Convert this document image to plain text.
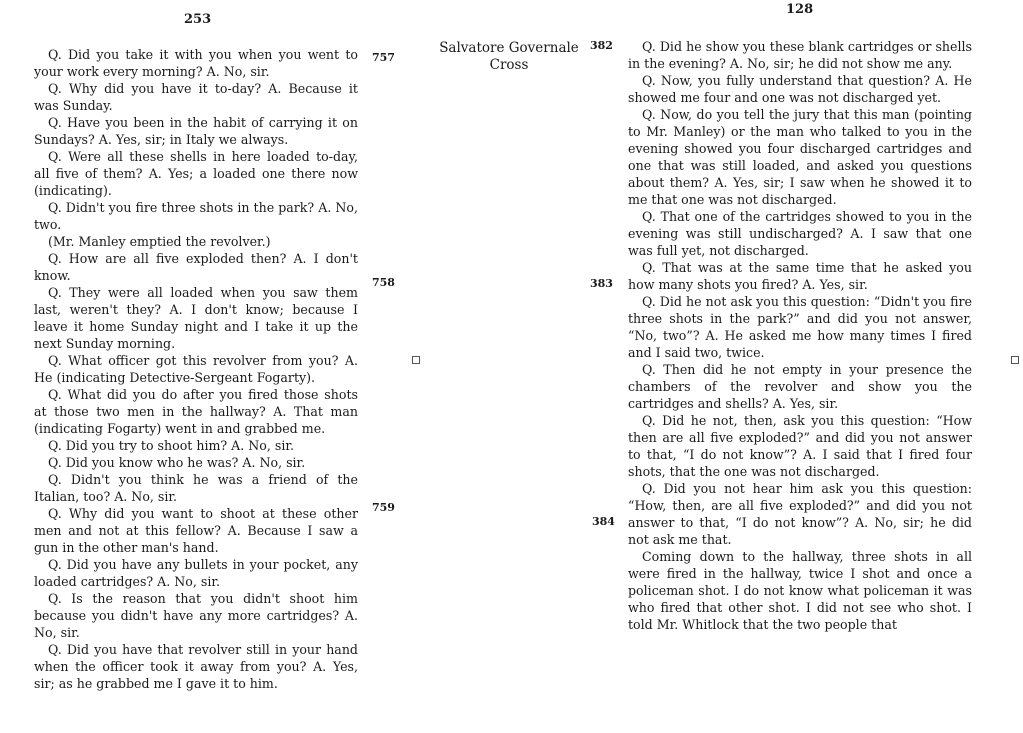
253

Q. Did you take it with you when you went to your work every morning? A. No, sir.

Q. Why did you have it to-day? A. Because it was Sunday.

Q. Have you been in the habit of carrying it on Sundays? A. Yes, sir; in Italy we always.

Q. Were all these shells in here loaded to-day, all five of them? A. Yes; a loaded one there now (indicating).

Q. Didn't you fire three shots in the park? A. No, two.

(Mr. Manley emptied the revolver.)

Q. How are all five exploded then? A. I don't know.

Q. They were all loaded when you saw them last, weren't they? A. I don't know; because I leave it home Sunday night and I take it up the next Sunday morning.

Q. What officer got this revolver from you? A. He (indicating Detective-Sergeant Fogarty).

Q. What did you do after you fired those shots at those two men in the hallway? A. That man (indicating Fogarty) went in and grabbed me.

Q. Did you try to shoot him? A. No, sir.

Q. Did you know who he was? A. No, sir.

Q. Didn't you think he was a friend of the Italian, too? A. No, sir.

Q. Why did you want to shoot at these other men and not at this fellow? A. Because I saw a gun in the other man's hand.

Q. Did you have any bullets in your pocket, any loaded cartridges? A. No, sir.

Q. Is the reason that you didn't shoot him because you didn't have any more cartridges? A. No, sir.

Q. Did you have that revolver still in your hand when the officer took it away from you? A. Yes, sir; as he grabbed me I gave it to him.

757
758
759
128
Salvatore Governale
Cross
382
383
384

Q. Did he show you these blank cartridges or shells in the evening? A. No, sir; he did not show me any.

Q. Now, you fully understand that question? A. He showed me four and one was not discharged yet.

Q. Now, do you tell the jury that this man (pointing to Mr. Manley) or the man who talked to you in the evening showed you four discharged cartridges and one that was still loaded, and asked you questions about them? A. Yes, sir; I saw when he showed it to me that one was not discharged.

Q. That one of the cartridges showed to you in the evening was still undischarged? A. I saw that one was full yet, not discharged.

Q. That was at the same time that he asked you how many shots you fired? A. Yes, sir.

Q. Did he not ask you this question: “Didn't you fire three shots in the park?” and did you not answer, “No, two”? A. He asked me how many times I fired and I said two, twice.

Q. Then did he not empty in your presence the chambers of the revolver and show you the cartridges and shells? A. Yes, sir.

Q. Did he not, then, ask you this question: “How then are all five exploded?” and did you not answer to that, “I do not know”? A. I said that I fired four shots, that the one was not discharged.

Q. Did you not hear him ask you this question: “How, then, are all five exploded?” and did you not answer to that, “I do not know”? A. No, sir; he did not ask me that.

Coming down to the hallway, three shots in all were fired in the hallway, twice I shot and once a policeman shot. I do not know what policeman it was who fired that other shot. I did not see who shot. I told Mr. Whitlock that the two people that
